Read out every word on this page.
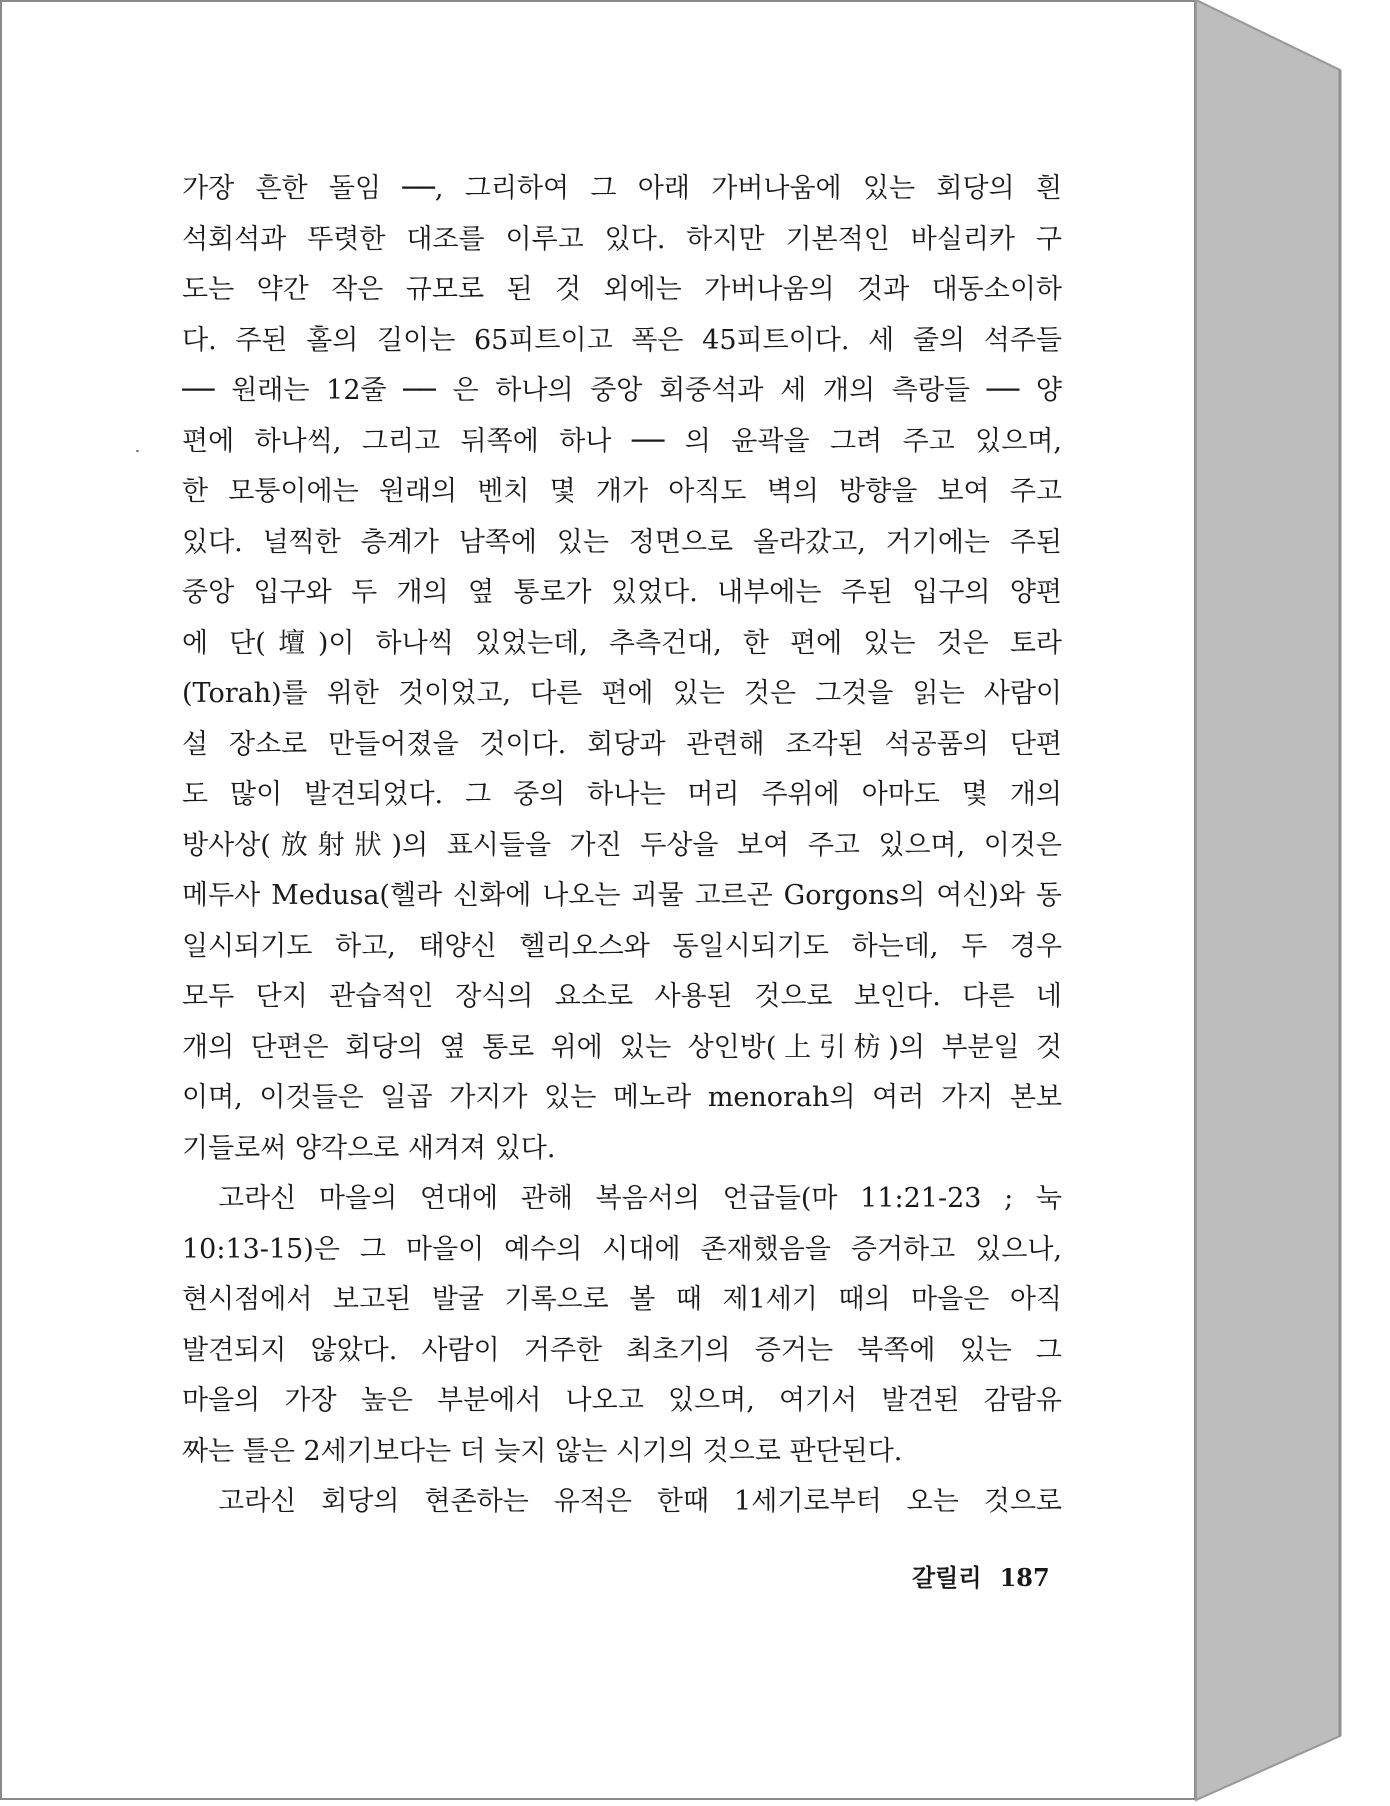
가장 흔한 돌임 ──, 그리하여 그 아래 가버나움에 있는 회당의 흰
석회석과 뚜렷한 대조를 이루고 있다. 하지만 기본적인 바실리카 구
도는 약간 작은 규모로 된 것 외에는 가버나움의 것과 대동소이하
다. 주된 홀의 길이는 65피트이고 폭은 45피트이다. 세 줄의 석주들
── 원래는 12줄 ── 은 하나의 중앙 회중석과 세 개의 측랑들 ── 양
편에 하나씩, 그리고 뒤쪽에 하나 ── 의 윤곽을 그려 주고 있으며,
한 모퉁이에는 원래의 벤치 몇 개가 아직도 벽의 방향을 보여 주고
있다. 널찍한 층계가 남쪽에 있는 정면으로 올라갔고, 거기에는 주된
중앙 입구와 두 개의 옆 통로가 있었다. 내부에는 주된 입구의 양편
에 단(壇)이 하나씩 있었는데, 추측건대, 한 편에 있는 것은 토라
(Torah)를 위한 것이었고, 다른 편에 있는 것은 그것을 읽는 사람이
설 장소로 만들어졌을 것이다. 회당과 관련해 조각된 석공품의 단편
도 많이 발견되었다. 그 중의 하나는 머리 주위에 아마도 몇 개의
방사상(放射狀)의 표시들을 가진 두상을 보여 주고 있으며, 이것은
메두사 Medusa(헬라 신화에 나오는 괴물 고르곤 Gorgons의 여신)와 동
일시되기도 하고, 태양신 헬리오스와 동일시되기도 하는데, 두 경우
모두 단지 관습적인 장식의 요소로 사용된 것으로 보인다. 다른 네
개의 단편은 회당의 옆 통로 위에 있는 상인방(上引枋)의 부분일 것
이며, 이것들은 일곱 가지가 있는 메노라 menorah의 여러 가지 본보
기들로써 양각으로 새겨져 있다.
고라신 마을의 연대에 관해 복음서의 언급들(마 11:21-23 ; 눅
10:13-15)은 그 마을이 예수의 시대에 존재했음을 증거하고 있으나,
현시점에서 보고된 발굴 기록으로 볼 때 제1세기 때의 마을은 아직
발견되지 않았다. 사람이 거주한 최초기의 증거는 북쪽에 있는 그
마을의 가장 높은 부분에서 나오고 있으며, 여기서 발견된 감람유
짜는 틀은 2세기보다는 더 늦지 않는 시기의 것으로 판단된다.
고라신 회당의 현존하는 유적은 한때 1세기로부터 오는 것으로
갈릴리 187
